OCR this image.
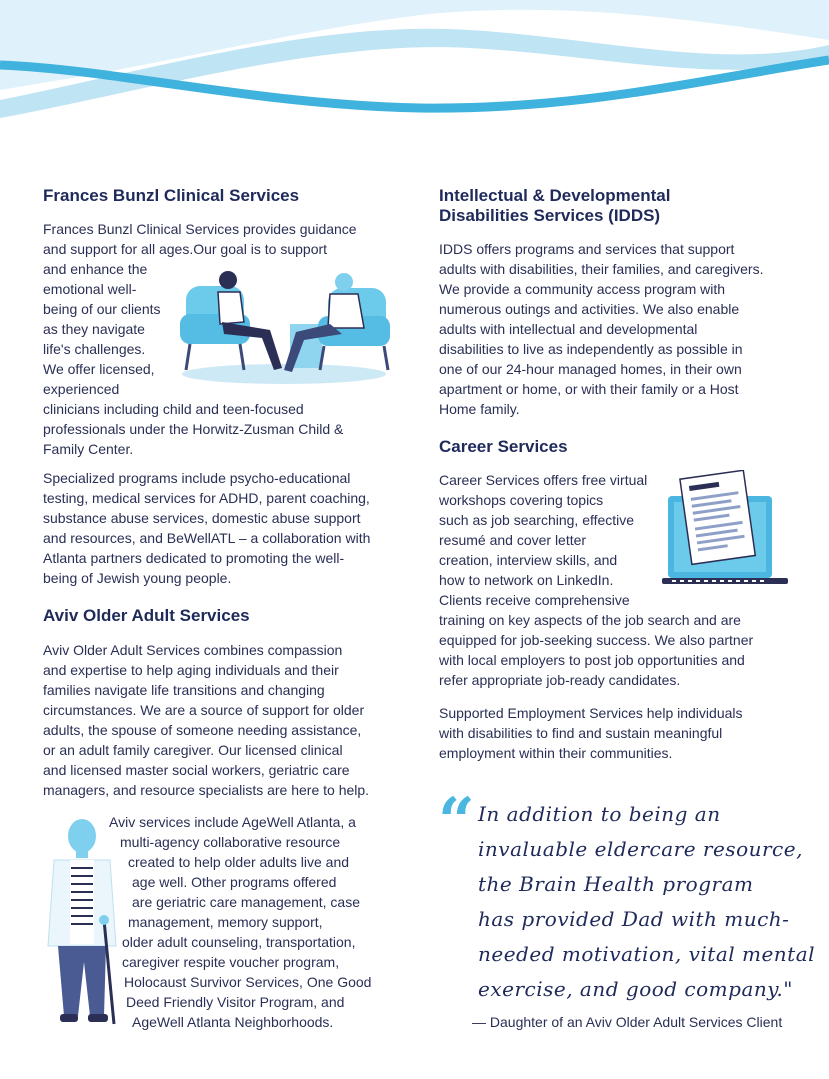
Frances Bunzl Clinical Services
Frances Bunzl Clinical Services provides guidance
and support for all ages.Our goal is to support
and enhance the
emotional well-
being of our clients
as they navigate
life's challenges.
We offer licensed,
experienced
clinicians including child and teen-focused
professionals under the Horwitz-Zusman Child &
Family Center.
Specialized programs include psycho-educational
testing, medical services for ADHD, parent coaching,
substance abuse services, domestic abuse support
and resources, and BeWellATL – a collaboration with
Atlanta partners dedicated to promoting the well-
being of Jewish young people.
Aviv Older Adult Services
Aviv Older Adult Services combines compassion
and expertise to help aging individuals and their
families navigate life transitions and changing
circumstances. We are a source of support for older
adults, the spouse of someone needing assistance,
or an adult family caregiver. Our licensed clinical
and licensed master social workers, geriatric care
managers, and resource specialists are here to help.
Aviv services include AgeWell Atlanta, a
multi-agency collaborative resource
created to help older adults live and
age well. Other programs offered
are geriatric care management, case
management, memory support,
older adult counseling, transportation,
caregiver respite voucher program,
Holocaust Survivor Services, One Good
Deed Friendly Visitor Program, and
AgeWell Atlanta Neighborhoods.
Intellectual & Developmental
Disabilities Services (IDDS)
IDDS offers programs and services that support
adults with disabilities, their families, and caregivers.
We provide a community access program with
numerous outings and activities. We also enable
adults with intellectual and developmental
disabilities to live as independently as possible in
one of our 24-hour managed homes, in their own
apartment or home, or with their family or a Host
Home family.
Career Services
Career Services offers free virtual
workshops covering topics
such as job searching, effective
resumé and cover letter
creation, interview skills, and
how to network on LinkedIn.
Clients receive comprehensive
training on key aspects of the job search and are
equipped for job-seeking success. We also partner
with local employers to post job opportunities and
refer appropriate job-ready candidates.
Supported Employment Services help individuals
with disabilities to find and sustain meaningful
employment within their communities.
“ In addition to being an
invaluable eldercare resource,
the Brain Health program
has provided Dad with much-
needed motivation, vital mental
exercise, and good company."
— Daughter of an Aviv Older Adult Services Client
